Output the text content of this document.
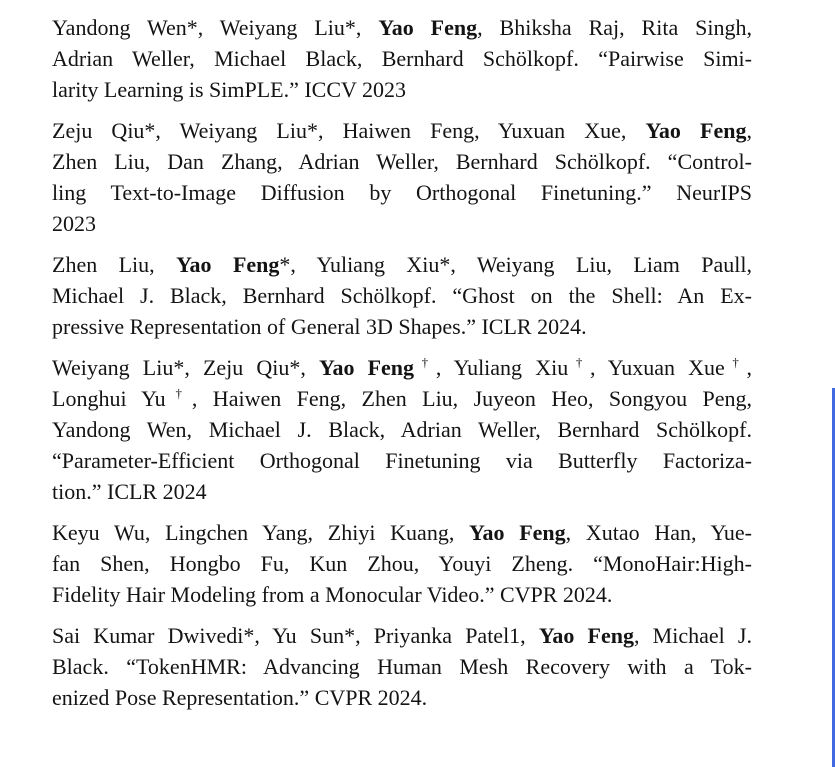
Yandong Wen*, Weiyang Liu*, Yao Feng, Bhiksha Raj, Rita Singh,
Adrian Weller, Michael Black, Bernhard Schölkopf. “Pairwise Simi-
larity Learning is SimPLE.” ICCV 2023
Zeju Qiu*, Weiyang Liu*, Haiwen Feng, Yuxuan Xue, Yao Feng,
Zhen Liu, Dan Zhang, Adrian Weller, Bernhard Schölkopf. “Control-
ling Text-to-Image Diffusion by Orthogonal Finetuning.” NeurIPS
2023
Zhen Liu, Yao Feng*, Yuliang Xiu*, Weiyang Liu, Liam Paull,
Michael J. Black, Bernhard Schölkopf. “Ghost on the Shell: An Ex-
pressive Representation of General 3D Shapes.” ICLR 2024.
Weiyang Liu*, Zeju Qiu*, Yao Feng†, Yuliang Xiu†, Yuxuan Xue†,
Longhui Yu†, Haiwen Feng, Zhen Liu, Juyeon Heo, Songyou Peng,
Yandong Wen, Michael J. Black, Adrian Weller, Bernhard Schölkopf.
“Parameter-Efficient Orthogonal Finetuning via Butterfly Factoriza-
tion.” ICLR 2024
Keyu Wu, Lingchen Yang, Zhiyi Kuang, Yao Feng, Xutao Han, Yue-
fan Shen, Hongbo Fu, Kun Zhou, Youyi Zheng. “MonoHair:High-
Fidelity Hair Modeling from a Monocular Video.” CVPR 2024.
Sai Kumar Dwivedi*, Yu Sun*, Priyanka Patel1, Yao Feng, Michael J.
Black. “TokenHMR: Advancing Human Mesh Recovery with a Tok-
enized Pose Representation.” CVPR 2024.
